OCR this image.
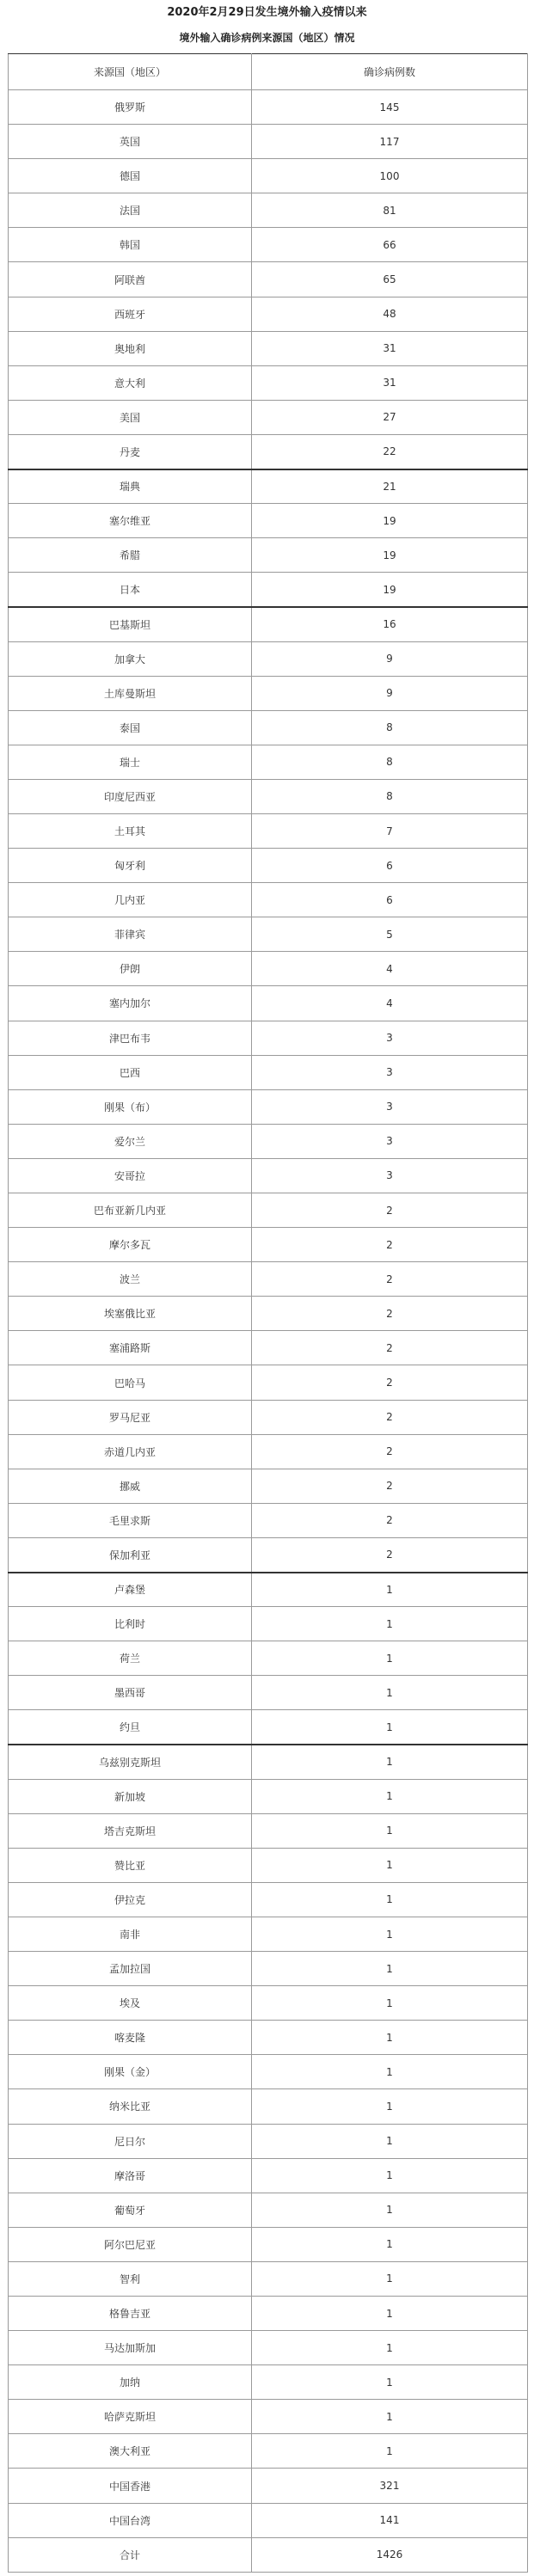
2020年2月29日发生境外输入疫情以来
境外输入确诊病例来源国（地区）情况
来源国（地区）	确诊病例数
俄罗斯	145
英国	117
德国	100
法国	81
韩国	66
阿联酋	65
西班牙	48
奥地利	31
意大利	31
美国	27
丹麦	22
瑞典	21
塞尔维亚	19
希腊	19
日本	19
巴基斯坦	16
加拿大	9
土库曼斯坦	9
泰国	8
瑞士	8
印度尼西亚	8
土耳其	7
匈牙利	6
几内亚	6
菲律宾	5
伊朗	4
塞内加尔	4
津巴布韦	3
巴西	3
刚果（布）	3
爱尔兰	3
安哥拉	3
巴布亚新几内亚	2
摩尔多瓦	2
波兰	2
埃塞俄比亚	2
塞浦路斯	2
巴哈马	2
罗马尼亚	2
赤道几内亚	2
挪威	2
毛里求斯	2
保加利亚	2
卢森堡	1
比利时	1
荷兰	1
墨西哥	1
约旦	1
乌兹别克斯坦	1
新加坡	1
塔吉克斯坦	1
赞比亚	1
伊拉克	1
南非	1
孟加拉国	1
埃及	1
喀麦隆	1
刚果（金）	1
纳米比亚	1
尼日尔	1
摩洛哥	1
葡萄牙	1
阿尔巴尼亚	1
智利	1
格鲁吉亚	1
马达加斯加	1
加纳	1
哈萨克斯坦	1
澳大利亚	1
中国香港	321
中国台湾	141
合计	1426
